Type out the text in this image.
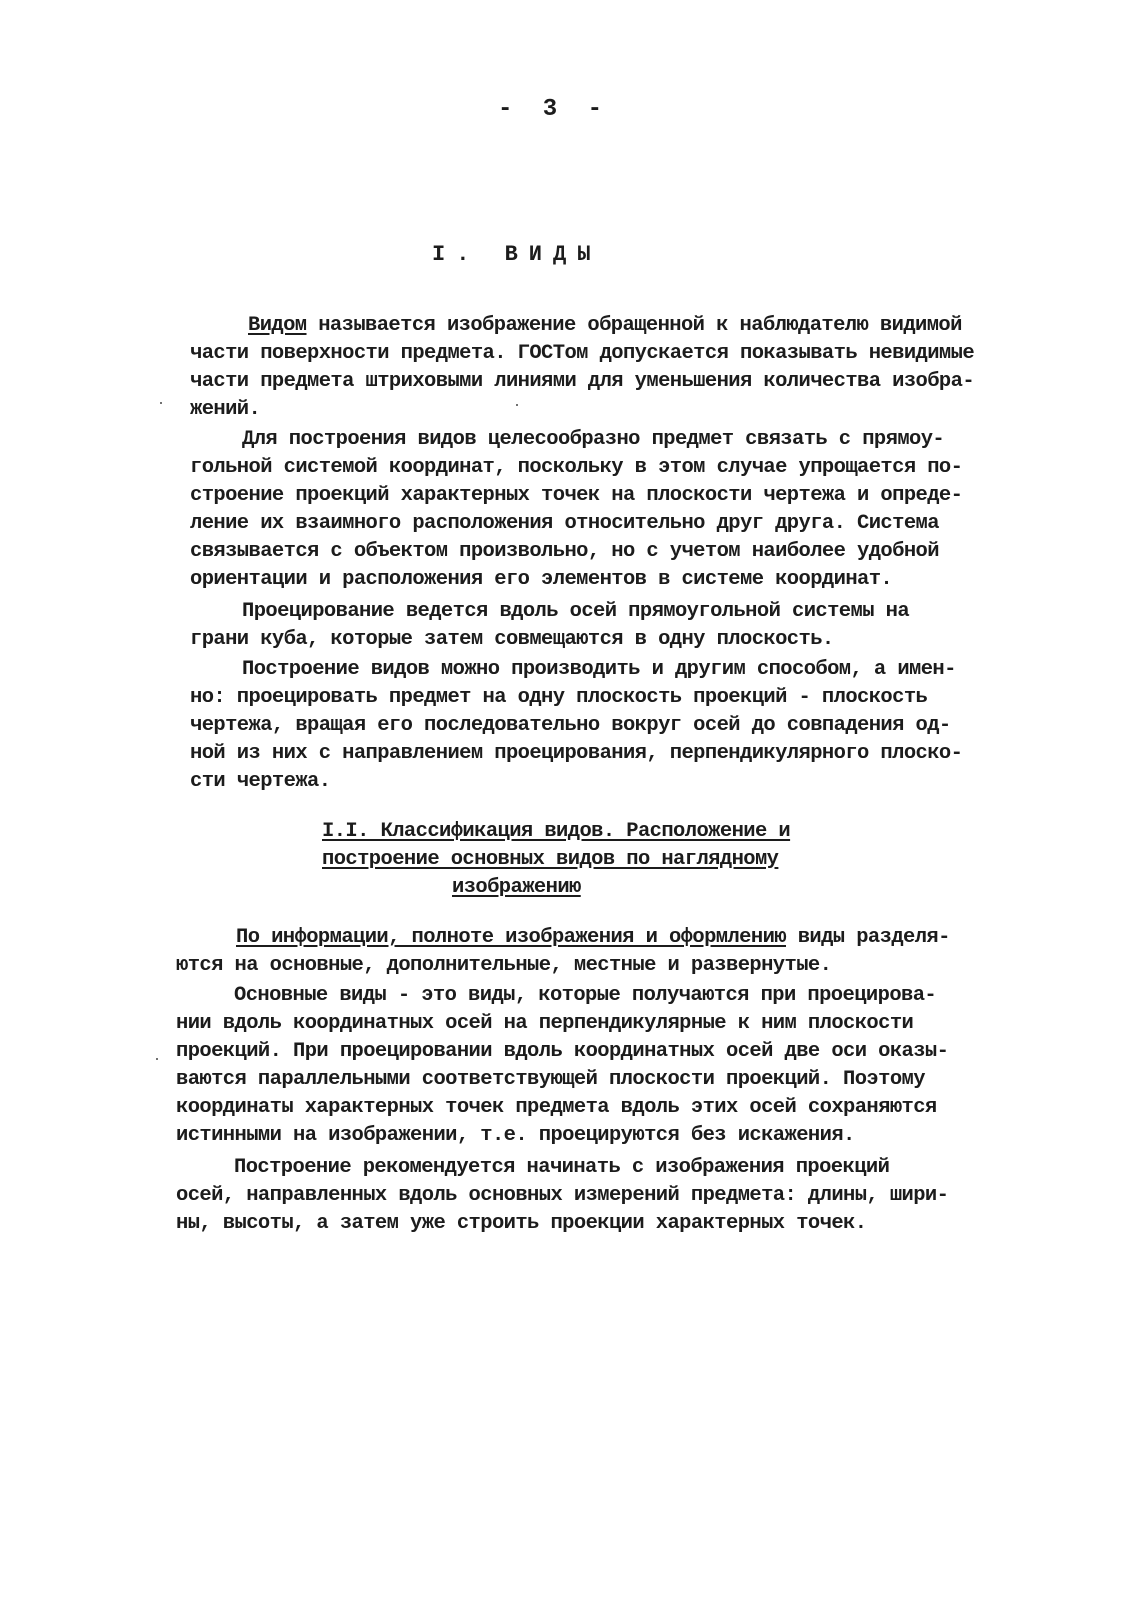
- 3 -
I. ВИДЫ
Видом называется изображение обращенной к наблюдателю видимой
части поверхности предмета. ГОСТом допускается показывать невидимые
части предмета штриховыми линиями для уменьшения количества изобра-
жений.
Для построения видов целесообразно предмет связать с прямоу-
гольной системой координат, поскольку в этом случае упрощается по-
строение проекций характерных точек на плоскости чертежа и опреде-
ление их взаимного расположения относительно друг друга. Система
связывается с объектом произвольно, но с учетом наиболее удобной
ориентации и расположения его элементов в системе координат.
Проецирование ведется вдоль осей прямоугольной системы на
грани куба, которые затем совмещаются в одну плоскость.
Построение видов можно производить и другим способом, а имен-
но: проецировать предмет на одну плоскость проекций - плоскость
чертежа, вращая его последовательно вокруг осей до совпадения од-
ной из них с направлением проецирования, перпендикулярного плоско-
сти чертежа.
I.I. Классификация видов. Расположение и
построение основных видов по наглядному
изображению
По информации, полноте изображения и оформлению виды разделя-
ются на основные, дополнительные, местные и развернутые.
Основные виды - это виды, которые получаются при проецирова-
нии вдоль координатных осей на перпендикулярные к ним плоскости
проекций. При проецировании вдоль координатных осей две оси оказы-
ваются параллельными соответствующей плоскости проекций. Поэтому
координаты характерных точек предмета вдоль этих осей сохраняются
истинными на изображении, т.е. проецируются без искажения.
Построение рекомендуется начинать с изображения проекций
осей, направленных вдоль основных измерений предмета: длины, шири-
ны, высоты, а затем уже строить проекции характерных точек.
